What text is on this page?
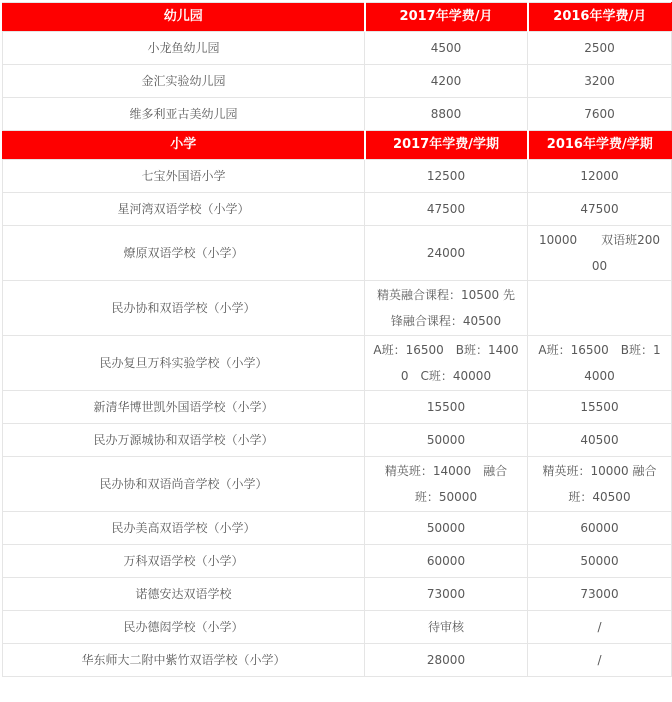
幼儿园	2017年学费/月	2016年学费/月
小龙鱼幼儿园	4500	2500
金汇实验幼儿园	4200	3200
维多利亚古美幼儿园	8800	7600
小学	2017年学费/学期	2016年学费/学期
七宝外国语小学	12500	12000
星河湾双语学校（小学）	47500	47500
燎原双语学校（小学）	24000	10000　　双语班20000
民办协和双语学校（小学）	精英融合课程：10500 先锋融合课程：40500	
民办复旦万科实验学校（小学）	A班：16500　B班：14000　C班：40000	A班：16500　B班：14000
新清华博世凯外国语学校（小学）	15500	15500
民办万源城协和双语学校（小学）	50000	40500
民办协和双语尚音学校（小学）	精英班：14000　融合班：50000	精英班：10000 融合班：40500
民办美高双语学校（小学）	50000	60000
万科双语学校（小学）	60000	50000
诺德安达双语学校	73000	73000
民办德闳学校（小学）	待审核	/
华东师大二附中紫竹双语学校（小学）	28000	/
